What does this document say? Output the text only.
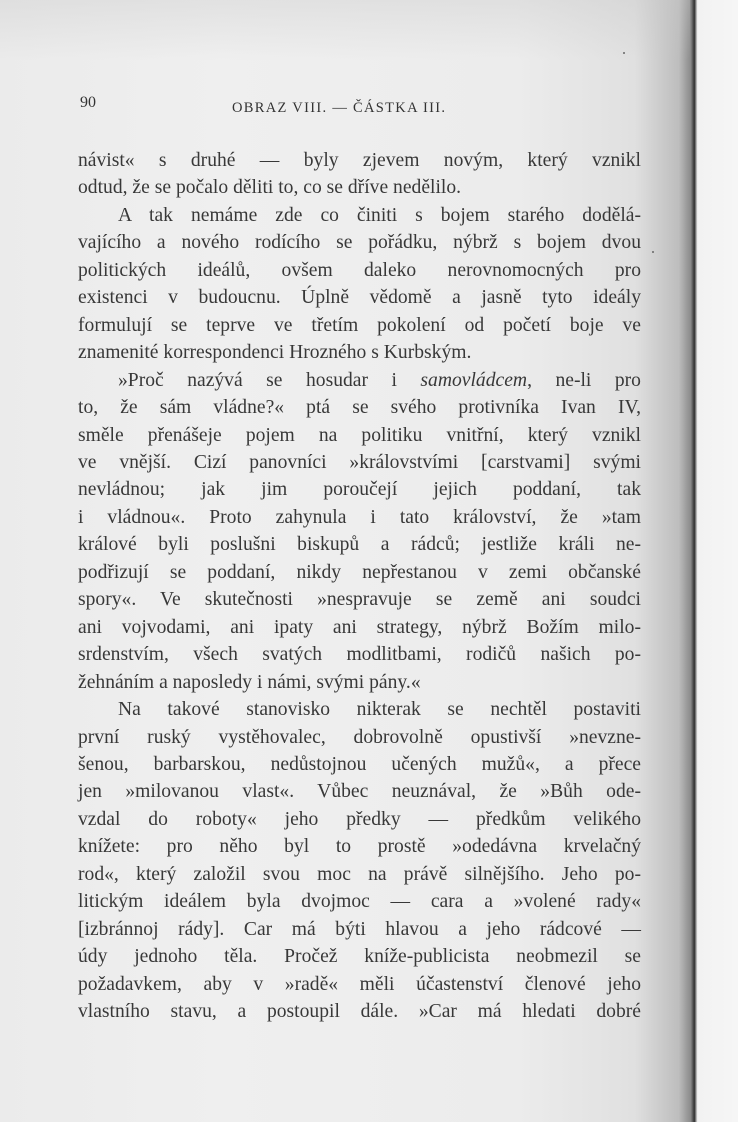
90	OBRAZ VIII. — ČÁSTKA III.
návist« s druhé — byly zjevem novým, který vznikl
odtud, že se počalo děliti to, co se dříve nedělilo.
A tak nemáme zde co činiti s bojem starého dodělá-
vajícího a nového rodícího se pořádku, nýbrž s bojem dvou
politických ideálů, ovšem daleko nerovnomocných pro
existenci v budoucnu. Úplně vědomě a jasně tyto ideály
formulují se teprve ve třetím pokolení od početí boje ve
znamenité korrespondenci Hrozného s Kurbským.
»Proč nazývá se hosudar i samovládcem, ne-li pro
to, že sám vládne?« ptá se svého protivníka Ivan IV,
směle přenášeje pojem na politiku vnitřní, který vznikl
ve vnější. Cizí panovníci »královstvími [carstvami] svými
nevládnou; jak jim poroučejí jejich poddaní, tak
i vládnou«. Proto zahynula i tato království, že »tam
králové byli poslušni biskupů a rádců; jestliže králi ne-
podřizují se poddaní, nikdy nepřestanou v zemi občanské
spory«. Ve skutečnosti »nespravuje se země ani soudci
ani vojvodami, ani ipaty ani strategy, nýbrž Božím milo-
srdenstvím, všech svatých modlitbami, rodičů našich po-
žehnáním a naposledy i námi, svými pány.«
Na takové stanovisko nikterak se nechtěl postaviti
první ruský vystěhovalec, dobrovolně opustivší »nevzne-
šenou, barbarskou, nedůstojnou učených mužů«, a přece
jen »milovanou vlast«. Vůbec neuznával, že »Bůh ode-
vzdal do roboty« jeho předky — předkům velikého
knížete: pro něho byl to prostě »odedávna krvelačný
rod«, který založil svou moc na právě silnějšího. Jeho po-
litickým ideálem byla dvojmoc — cara a »volené rady«
[izbránnoj rády]. Car má býti hlavou a jeho rádcové —
údy jednoho těla. Pročež kníže-publicista neobmezil se
požadavkem, aby v »radě« měli účastenství členové jeho
vlastního stavu, a postoupil dále. »Car má hledati dobré
